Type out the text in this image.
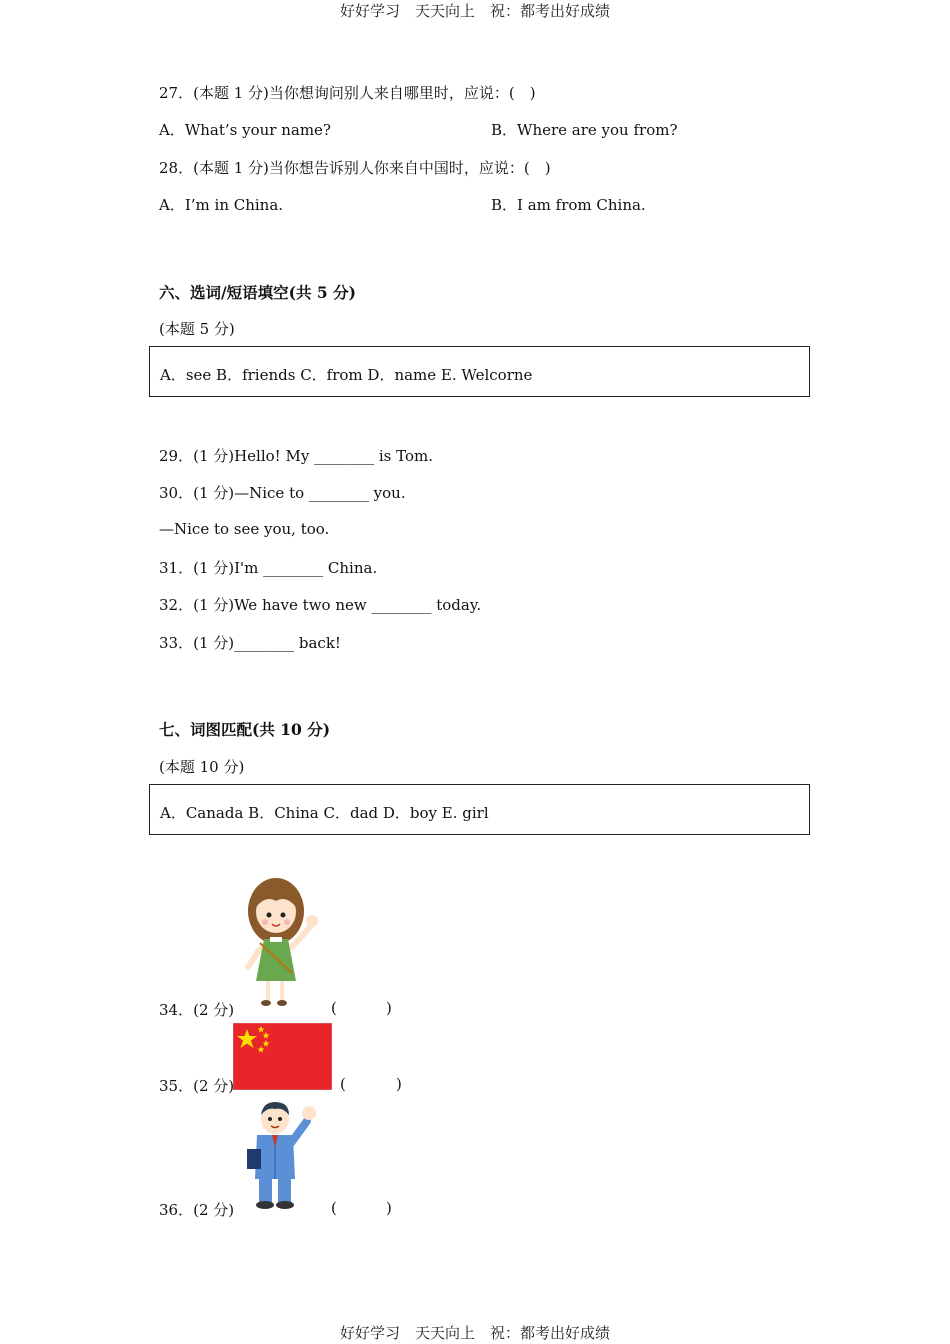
好好学习　天天向上　祝：都考出好成绩
27．(本题 1 分)当你想询问别人来自哪里时，应说：(　)
A．What’s your name?	B．Where are you from?
28．(本题 1 分)当你想告诉别人你来自中国时，应说：(　)
A．I’m in China.	B．I am from China.
六、选词/短语填空(共 5 分)
(本题 5 分)
A．see B．friends C．from D．name E. Welcorne
29．(1 分)Hello! My ________ is Tom.
30．(1 分)—Nice to ________ you.
—Nice to see you, too.
31．(1 分)I'm ________ China.
32．(1 分)We have two new ________ today.
33．(1 分)________ back!
七、词图匹配(共 10 分)
(本题 10 分)
A．Canada B．China C．dad D．boy E. girl
34．(2 分)	(	)
35．(2 分)	(	)
36．(2 分)	(	)
好好学习　天天向上　祝：都考出好成绩
